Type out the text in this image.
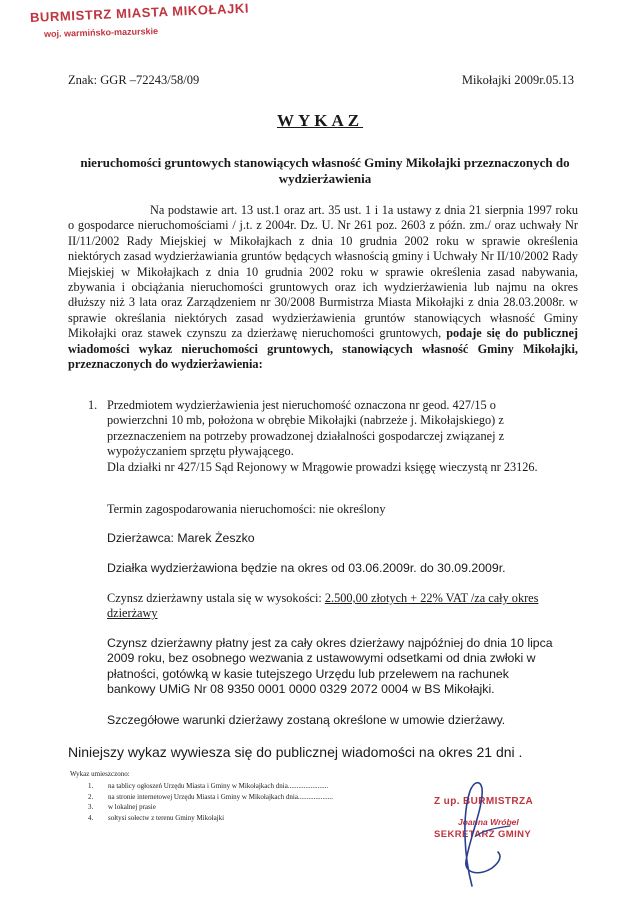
BURMISTRZ MIASTA MIKOŁAJKI
woj. warmińsko-mazurskie
Znak: GGR –72243/58/09	Mikołajki 2009r.05.13
WYKAZ
nieruchomości gruntowych stanowiących własność Gminy Mikołajki przeznaczonych do wydzierżawienia
Na podstawie art. 13 ust.1 oraz art. 35 ust. 1 i 1a ustawy z dnia 21 sierpnia 1997 roku o gospodarce nieruchomościami / j.t. z 2004r. Dz. U. Nr 261 poz. 2603 z późn. zm./ oraz uchwały Nr II/11/2002 Rady Miejskiej w Mikołajkach z dnia 10 grudnia 2002 roku w sprawie określenia niektórych zasad wydzierżawiania gruntów będących własnością gminy i Uchwały Nr II/10/2002 Rady Miejskiej w Mikołajkach z dnia 10 grudnia 2002 roku w sprawie określenia zasad nabywania, zbywania i obciążania nieruchomości gruntowych oraz ich wydzierżawienia lub najmu na okres dłuższy niż 3 lata oraz Zarządzeniem nr 30/2008 Burmistrza Miasta Mikołajki z dnia 28.03.2008r. w sprawie określania niektórych zasad wydzierżawienia gruntów stanowiących własność Gminy Mikołajki oraz stawek czynszu za dzierżawę nieruchomości gruntowych, podaje się do publicznej wiadomości wykaz nieruchomości gruntowych, stanowiących własność Gminy Mikołajki, przeznaczonych do wydzierżawienia:
1. Przedmiotem wydzierżawienia jest nieruchomość oznaczona nr geod. 427/15 o powierzchni 10 mb, położona w obrębie Mikołajki (nabrzeże j. Mikołajskiego) z przeznaczeniem na potrzeby prowadzonej działalności gospodarczej związanej z wypożyczaniem sprzętu pływającego.
Dla działki nr 427/15 Sąd Rejonowy w Mrągowie prowadzi księgę wieczystą nr 23126.
Termin zagospodarowania nieruchomości: nie określony
Dzierżawca: Marek Żeszko
Działka wydzierżawiona będzie na okres od 03.06.2009r. do 30.09.2009r.
Czynsz dzierżawny ustala się w wysokości: 2.500,00 złotych + 22% VAT /za cały okres dzierżawy
Czynsz dzierżawny płatny jest za cały okres dzierżawy najpóźniej do dnia 10 lipca 2009 roku, bez osobnego wezwania z ustawowymi odsetkami od dnia zwłoki w płatności, gotówką w kasie tutejszego Urzędu lub przelewem na rachunek bankowy UMiG Nr 08 9350 0001 0000 0329 2072 0004 w BS Mikołajki.
Szczegółowe warunki dzierżawy zostaną określone w umowie dzierżawy.
Niniejszy wykaz wywiesza się do publicznej wiadomości na okres 21 dni .
Wykaz umieszczono:
1. na tablicy ogłoszeń Urzędu Miasta i Gminy w Mikołajkach dnia.......................
2. na stronie internetowej Urzędu Miasta i Gminy w Mikołajkach dnia....................
3. w lokalnej prasie
4. sołtysi sołectw z terenu Gminy Mikołajki
Z up. BURMISTRZA
Joanna Wróbel
SEKRETARZ GMINY
